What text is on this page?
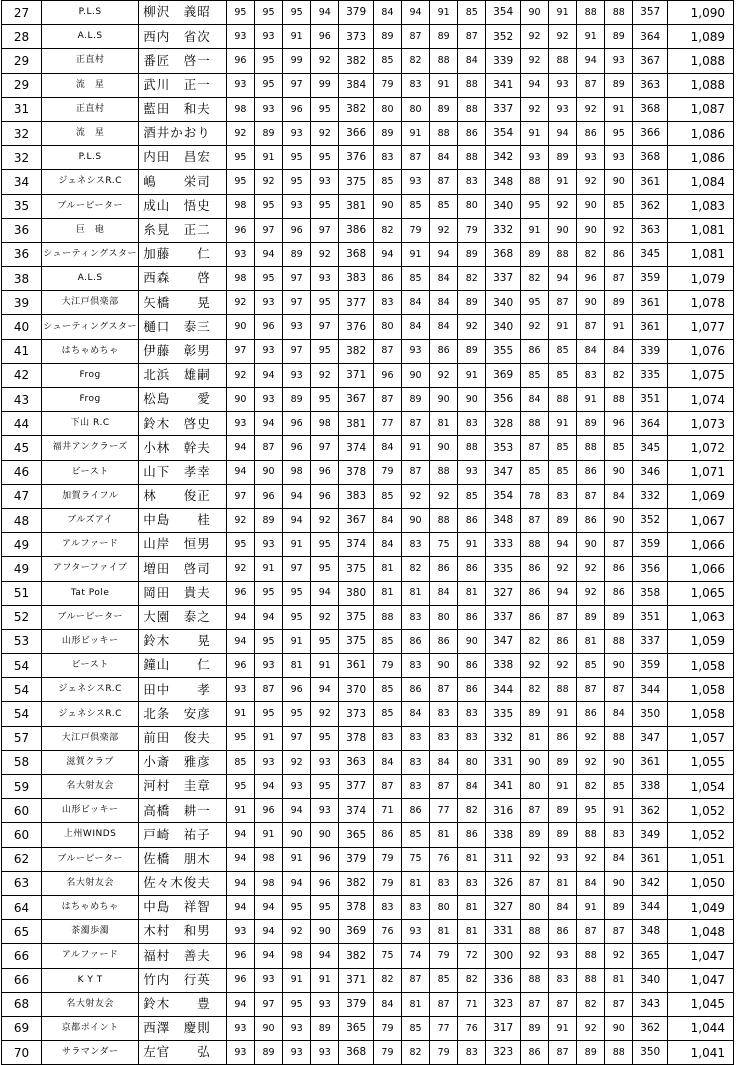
27	P.L.S	柳沢　義昭	95	95	95	94	379	84	94	91	85	354	90	91	88	88	357	1,090
28	A.L.S	西内　省次	93	93	91	96	373	89	87	89	87	352	92	92	91	89	364	1,089
29	正直村	番匠　啓一	96	95	99	92	382	85	82	88	84	339	92	88	94	93	367	1,088
29	流　星	武川　正一	93	95	97	99	384	79	83	91	88	341	94	93	87	89	363	1,088
31	正直村	藍田　和夫	98	93	96	95	382	80	80	89	88	337	92	93	92	91	368	1,087
32	流　星	酒井かおり	92	89	93	92	366	89	91	88	86	354	91	94	86	95	366	1,086
32	P.L.S	内田　昌宏	95	91	95	95	376	83	87	84	88	342	93	89	93	93	368	1,086
34	ジェネシスR.C	嶋　　栄司	95	92	95	93	375	85	93	87	83	348	88	91	92	90	361	1,084
35	ブルーピーター	成山　悟史	98	95	93	95	381	90	85	85	80	340	95	92	90	85	362	1,083
36	巨　砲	糸見　正二	96	97	96	97	386	82	79	92	79	332	91	90	90	92	363	1,081
36	シューティングスター	加藤　　仁	93	94	89	92	368	94	91	94	89	368	89	88	82	86	345	1,081
38	A.L.S	西森　　啓	98	95	97	93	383	86	85	84	82	337	82	94	96	87	359	1,079
39	大江戸倶楽部	矢橋　　晃	92	93	97	95	377	83	84	84	89	340	95	87	90	89	361	1,078
40	シューティングスター	樋口　泰三	90	96	93	97	376	80	84	84	92	340	92	91	87	91	361	1,077
41	はちゃめちゃ	伊藤　彰男	97	93	97	95	382	87	93	86	89	355	86	85	84	84	339	1,076
42	Frog	北浜　雄嗣	92	94	93	92	371	96	90	92	91	369	85	85	83	82	335	1,075
43	Frog	松島　　愛	90	93	89	95	367	87	89	90	90	356	84	88	91	88	351	1,074
44	下山 R.C	鈴木　啓史	93	94	96	98	381	77	87	81	83	328	88	91	89	96	364	1,073
45	福井アンクラーズ	小林　幹夫	94	87	96	97	374	84	91	90	88	353	87	85	88	85	345	1,072
46	ビースト	山下　孝幸	94	90	98	96	378	79	87	88	93	347	85	85	86	90	346	1,071
47	加賀ライフル	林　　俊正	97	96	94	96	383	85	92	92	85	354	78	83	87	84	332	1,069
48	ブルズアイ	中島　　桂	92	89	94	92	367	84	90	88	86	348	87	89	86	90	352	1,067
49	アルファード	山岸　恒男	95	93	91	95	374	84	83	75	91	333	88	94	90	87	359	1,066
49	アフターファイブ	増田　啓司	92	91	97	95	375	81	82	86	86	335	86	92	92	86	356	1,066
51	Tat Pole	岡田　貴夫	96	95	95	94	380	81	81	84	81	327	86	94	92	86	358	1,065
52	ブルーピーター	大園　泰之	94	94	95	92	375	88	83	80	86	337	86	87	89	89	351	1,063
53	山形ビッキー	鈴木　　晃	94	95	91	95	375	85	86	86	90	347	82	86	81	88	337	1,059
54	ビースト	鐘山　　仁	96	93	81	91	361	79	83	90	86	338	92	92	85	90	359	1,058
54	ジェネシスR.C	田中　　孝	93	87	96	94	370	85	86	87	86	344	82	88	87	87	344	1,058
54	ジェネシスR.C	北条　安彦	91	95	95	92	373	85	84	83	83	335	89	91	86	84	350	1,058
57	大江戸倶楽部	前田　俊夫	95	91	97	95	378	83	83	83	83	332	81	86	92	88	347	1,057
58	滋賀クラブ	小斎　雅彦	85	93	92	93	363	84	83	84	80	331	90	89	92	90	361	1,055
59	名大射友会	河村　圭章	95	94	93	95	377	87	83	87	84	341	80	91	82	85	338	1,054
60	山形ビッキー	高橋　耕一	91	96	94	93	374	71	86	77	82	316	87	89	95	91	362	1,052
60	上州WINDS	戸崎　祐子	94	91	90	90	365	86	85	81	86	338	89	89	88	83	349	1,052
62	ブルーピーター	佐橋　朋木	94	98	91	96	379	79	75	76	81	311	92	93	92	84	361	1,051
63	名大射友会	佐々木俊夫	94	98	94	96	382	79	81	83	83	326	87	81	84	90	342	1,050
64	はちゃめちゃ	中島　祥智	94	94	95	95	378	83	83	80	81	327	80	84	91	89	344	1,049
65	茶濁歩濁	木村　和男	93	94	92	90	369	76	93	81	81	331	88	86	87	87	348	1,048
66	アルファード	福村　善夫	96	94	98	94	382	75	74	79	72	300	92	93	88	92	365	1,047
66	K Y T	竹内　行英	96	93	91	91	371	82	87	85	82	336	88	83	88	81	340	1,047
68	名大射友会	鈴木　　豊	94	97	95	93	379	84	81	87	71	323	87	87	82	87	343	1,045
69	京都ポイント	西澤　慶則	93	90	93	89	365	79	85	77	76	317	89	91	92	90	362	1,044
70	サラマンダー	左官　　弘	93	89	93	93	368	79	82	79	83	323	86	87	89	88	350	1,041
